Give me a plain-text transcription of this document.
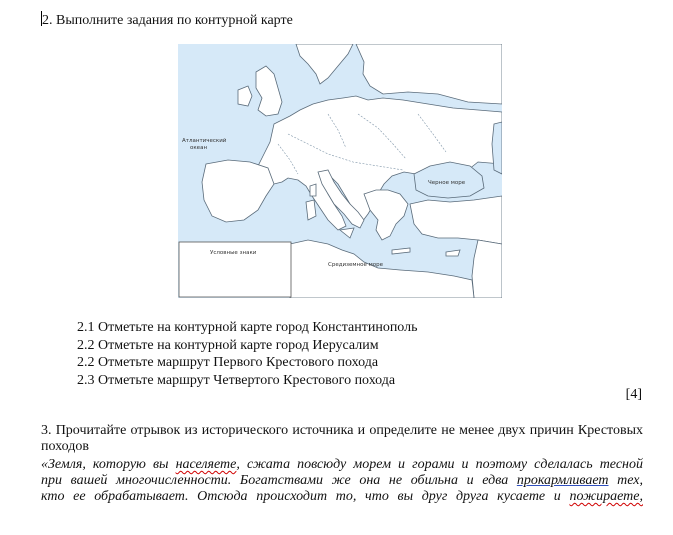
2. Выполните задания по контурной карте
Атлантический
океан
Черное море
Средиземное море
Условные знаки
2.1 Отметьте на контурной карте город Константинополь
2.2 Отметьте на контурной карте город Иерусалим
2.2 Отметьте маршрут Первого Крестового похода
2.3 Отметьте маршрут Четвертого Крестового похода
[4]
3. Прочитайте отрывок из исторического источника и определите не менее двух причин Крестовых походов
«Земля, которую вы населяете, сжата повсюду морем и горами и поэтому сделалась тесной
при вашей многочисленности. Богатствами же она не обильна и едва прокармливает тех,
кто ее обрабатывает. Отсюда происходит то, что вы друг друга кусаете и пожираете,
